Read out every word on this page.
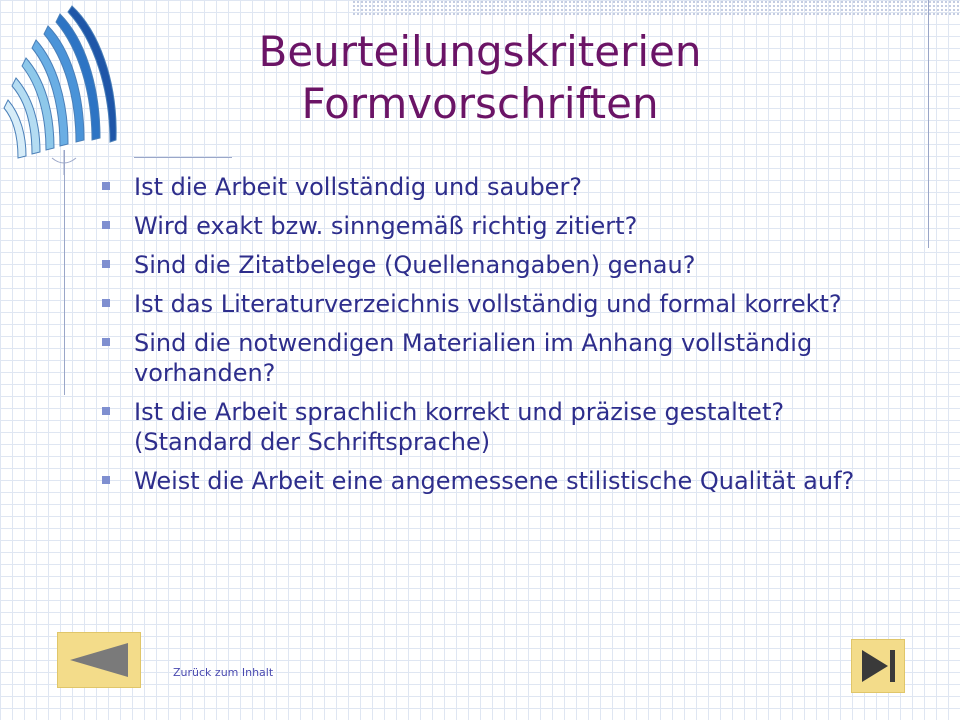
Beurteilungskriterien
Formvorschriften
Ist die Arbeit vollständig und sauber?
Wird exakt bzw. sinngemäß richtig zitiert?
Sind die Zitatbelege (Quellenangaben) genau?
Ist das Literaturverzeichnis vollständig und formal korrekt?
Sind die notwendigen Materialien im Anhang vollständig vorhanden?
Ist die Arbeit sprachlich korrekt und präzise gestaltet? (Standard der Schriftsprache)
Weist die Arbeit eine angemessene stilistische Qualität auf?
Zurück zum Inhalt
